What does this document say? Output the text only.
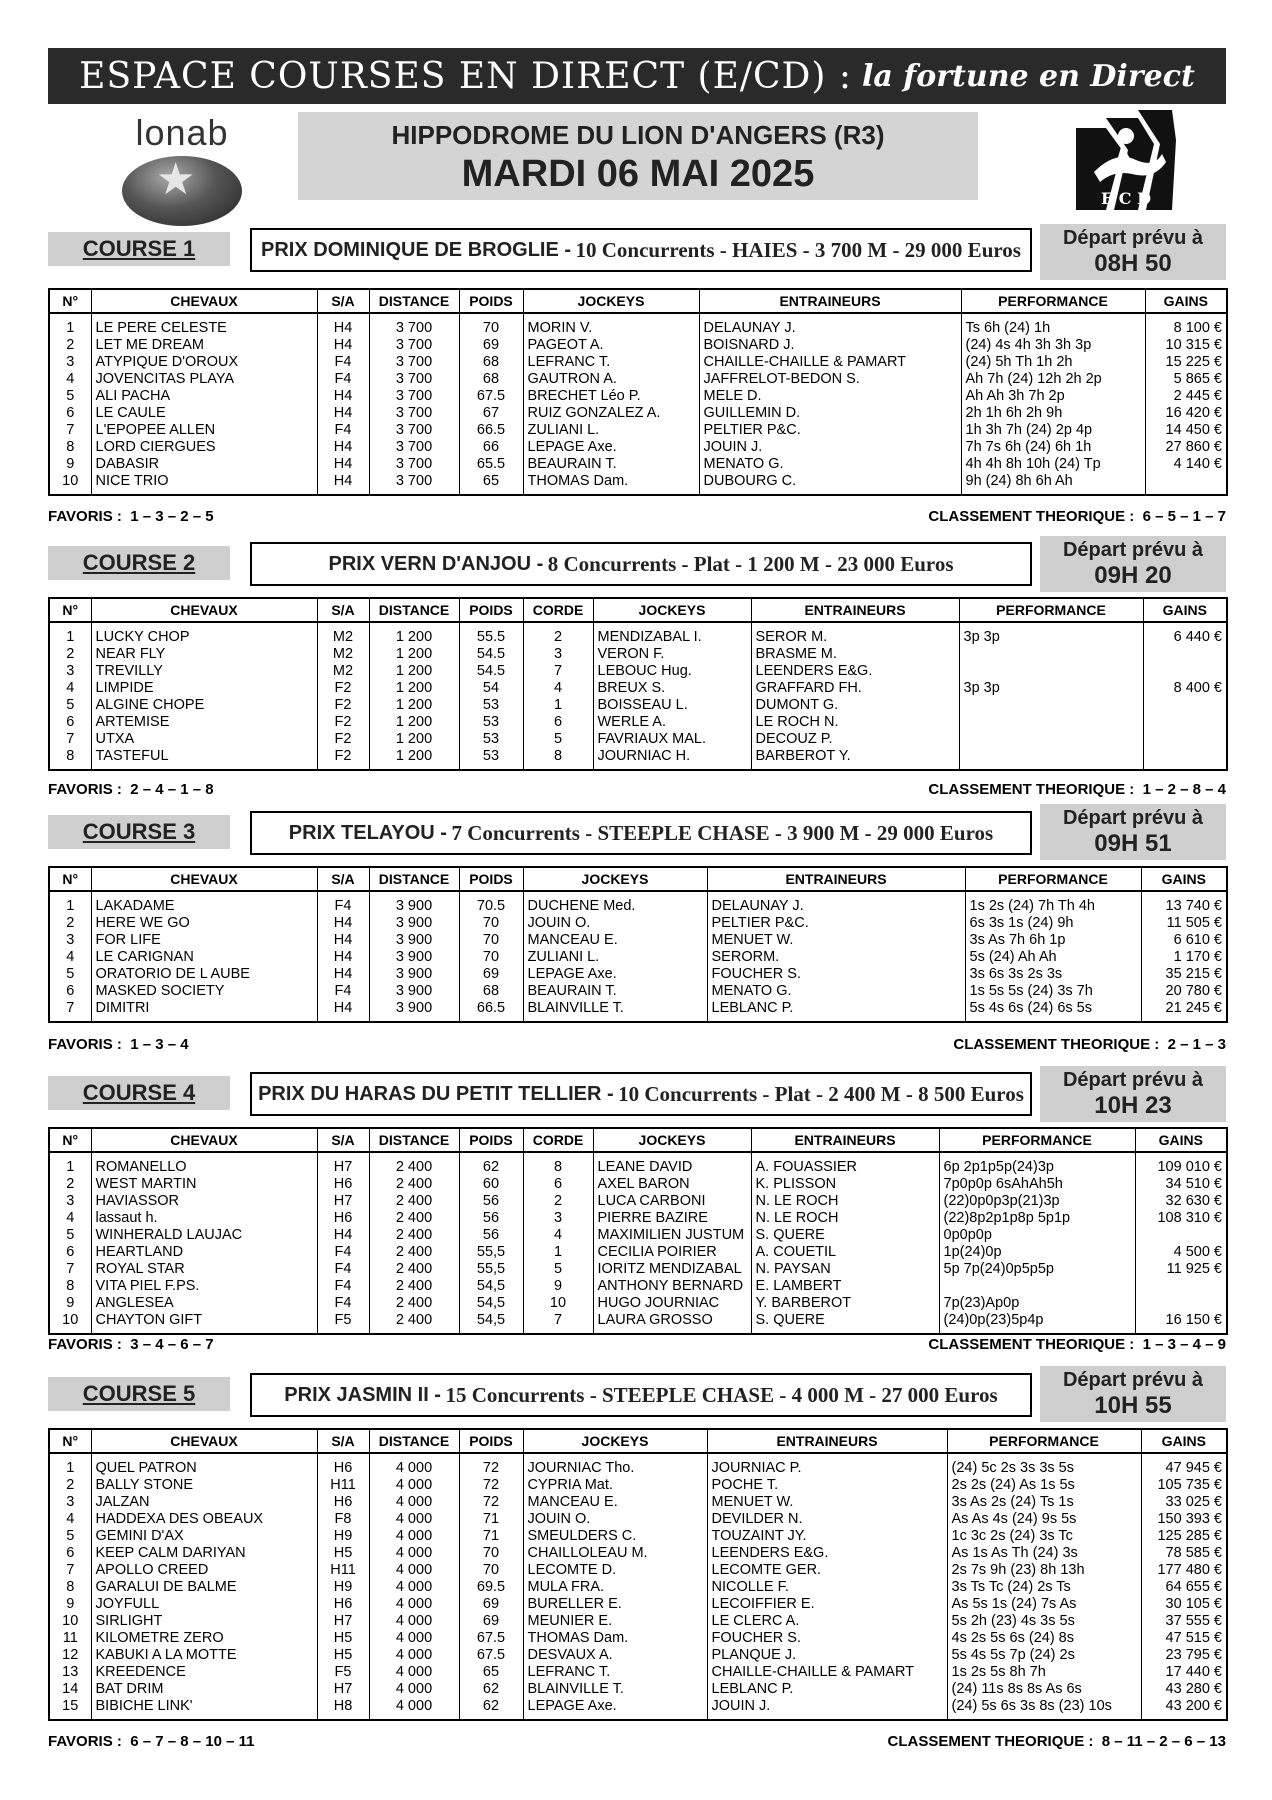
ESPACE COURSES EN DIRECT (E/CD) : la fortune en Direct
★
lonab	HIPPODROME DU LION D'ANGERS (R3)
MARDI 06 MAI 2025
E C D
COURSE 1	PRIX DOMINIQUE DE BROGLIE -
10 Concurrents - HAIES - 3 700 M - 29 000 Euros	Départ prévu à
08H 50
N°	CHEVAUX	S/A	DISTANCE	POIDS	JOCKEYS	ENTRAINEURS	PERFORMANCE	GAINS
1	LE PERE CELESTE	H4	3 700	70	MORIN V.	DELAUNAY J.	Ts 6h (24) 1h	8 100 €
2	LET ME DREAM	H4	3 700	69	PAGEOT A.	BOISNARD J.	(24) 4s 4h 3h 3h 3p	10 315 €
3	ATYPIQUE D'OROUX	F4	3 700	68	LEFRANC T.	CHAILLE-CHAILLE & PAMART	(24) 5h Th 1h 2h	15 225 €
4	JOVENCITAS PLAYA	F4	3 700	68	GAUTRON A.	JAFFRELOT-BEDON S.	Ah 7h (24) 12h 2h 2p	5 865 €
5	ALI PACHA	H4	3 700	67.5	BRECHET Léo P.	MELE D.	Ah Ah 3h 7h 2p	2 445 €
6	LE CAULE	H4	3 700	67	RUIZ GONZALEZ A.	GUILLEMIN D.	2h 1h 6h 2h 9h	16 420 €
7	L'EPOPEE ALLEN	F4	3 700	66.5	ZULIANI L.	PELTIER P&C.	1h 3h 7h (24) 2p 4p	14 450 €
8	LORD CIERGUES	H4	3 700	66	LEPAGE Axe.	JOUIN J.	7h 7s 6h (24) 6h 1h	27 860 €
9	DABASIR	H4	3 700	65.5	BEAURAIN T.	MENATO G.	4h 4h 8h 10h (24) Tp	4 140 €
10	NICE TRIO	H4	3 700	65	THOMAS Dam.	DUBOURG C.	9h (24) 8h 6h Ah	
FAVORIS : 1 – 3 – 2 – 5	CLASSEMENT THEORIQUE : 6 – 5 – 1 – 7
COURSE 2	PRIX VERN D'ANJOU -
8 Concurrents - Plat - 1 200 M - 23 000 Euros
Départ prévu à
09H 20
N°	CHEVAUX	S/A	DISTANCE	POIDS	CORDE	JOCKEYS	ENTRAINEURS	PERFORMANCE	GAINS
1	LUCKY CHOP	M2	1 200	55.5	2	MENDIZABAL I.	SEROR M.	3p 3p	6 440 €
2	NEAR FLY	M2	1 200	54.5	3	VERON F.	BRASME M.		
3	TREVILLY	M2	1 200	54.5	7	LEBOUC Hug.	LEENDERS E&G.		
4	LIMPIDE	F2	1 200	54	4	BREUX S.	GRAFFARD FH.	3p 3p	8 400 €
5	ALGINE CHOPE	F2	1 200	53	1	BOISSEAU L.	DUMONT G.		
6	ARTEMISE	F2	1 200	53	6	WERLE A.	LE ROCH N.		
7	UTXA	F2	1 200	53	5	FAVRIAUX MAL.	DECOUZ P.		
8	TASTEFUL	F2	1 200	53	8	JOURNIAC H.	BARBEROT Y.		
FAVORIS : 2 – 4 – 1 – 8	CLASSEMENT THEORIQUE : 1 – 2 – 8 – 4
COURSE 3	PRIX TELAYOU -
7 Concurrents - STEEPLE CHASE - 3 900 M - 29 000 Euros
Départ prévu à
09H 51
N°	CHEVAUX	S/A	DISTANCE	POIDS	JOCKEYS	ENTRAINEURS	PERFORMANCE	GAINS
1	LAKADAME	F4	3 900	70.5	DUCHENE Med.	DELAUNAY J.	1s 2s (24) 7h Th 4h	13 740 €
2	HERE WE GO	H4	3 900	70	JOUIN O.	PELTIER P&C.	6s 3s 1s (24) 9h	11 505 €
3	FOR LIFE	H4	3 900	70	MANCEAU E.	MENUET W.	3s As 7h 6h 1p	6 610 €
4	LE CARIGNAN	H4	3 900	70	ZULIANI L.	SERORM.	5s (24) Ah Ah	1 170 €
5	ORATORIO DE L AUBE	H4	3 900	69	LEPAGE Axe.	FOUCHER S.	3s 6s 3s 2s 3s	35 215 €
6	MASKED SOCIETY	F4	3 900	68	BEAURAIN T.	MENATO G.	1s 5s 5s (24) 3s 7h	20 780 €
7	DIMITRI	H4	3 900	66.5	BLAINVILLE T.	LEBLANC P.	5s 4s 6s (24) 6s 5s	21 245 €
FAVORIS : 1 – 3 – 4	CLASSEMENT THEORIQUE : 2 – 1 – 3
COURSE 4	PRIX DU HARAS DU PETIT TELLIER -
10 Concurrents - Plat - 2 400 M - 8 500 Euros
Départ prévu à
10H 23
N°	CHEVAUX	S/A	DISTANCE	POIDS	CORDE	JOCKEYS	ENTRAINEURS	PERFORMANCE	GAINS
1	ROMANELLO	H7	2 400	62	8	LEANE DAVID	A. FOUASSIER	6p 2p1p5p(24)3p	109 010 €
2	WEST MARTIN	H6	2 400	60	6	AXEL BARON	K. PLISSON	7p0p0p 6sAhAh5h	34 510 €
3	HAVIASSOR	H7	2 400	56	2	LUCA CARBONI	N. LE ROCH	(22)0p0p3p(21)3p	32 630 €
4	lassaut h.	H6	2 400	56	3	PIERRE BAZIRE	N. LE ROCH	(22)8p2p1p8p 5p1p	108 310 €
5	WINHERALD LAUJAC	H4	2 400	56	4	MAXIMILIEN JUSTUM	S. QUERE	0p0p0p	
6	HEARTLAND	F4	2 400	55,5	1	CECILIA POIRIER	A. COUETIL	1p(24)0p	4 500 €
7	ROYAL STAR	F4	2 400	55,5	5	IORITZ MENDIZABAL	N. PAYSAN	5p 7p(24)0p5p5p	11 925 €
8	VITA PIEL F.PS.	F4	2 400	54,5	9	ANTHONY BERNARD	E. LAMBERT		
9	ANGLESEA	F4	2 400	54,5	10	HUGO JOURNIAC	Y. BARBEROT	7p(23)Ap0p	
10	CHAYTON GIFT	F5	2 400	54,5	7	LAURA GROSSO	S. QUERE	(24)0p(23)5p4p	16 150 €
FAVORIS : 3 – 4 – 6 – 7	CLASSEMENT THEORIQUE : 1 – 3 – 4 – 9
COURSE 5	PRIX JASMIN II -
15 Concurrents - STEEPLE CHASE - 4 000 M - 27 000 Euros
Départ prévu à
10H 55
N°	CHEVAUX	S/A	DISTANCE	POIDS	JOCKEYS	ENTRAINEURS	PERFORMANCE	GAINS
1	QUEL PATRON	H6	4 000	72	JOURNIAC Tho.	JOURNIAC P.	(24) 5c 2s 3s 3s 5s	47 945 €
2	BALLY STONE	H11	4 000	72	CYPRIA Mat.	POCHE T.	2s 2s (24) As 1s 5s	105 735 €
3	JALZAN	H6	4 000	72	MANCEAU E.	MENUET W.	3s As 2s (24) Ts 1s	33 025 €
4	HADDEXA DES OBEAUX	F8	4 000	71	JOUIN O.	DEVILDER N.	As As 4s (24) 9s 5s	150 393 €
5	GEMINI D'AX	H9	4 000	71	SMEULDERS C.	TOUZAINT JY.	1c 3c 2s (24) 3s Tc	125 285 €
6	KEEP CALM DARIYAN	H5	4 000	70	CHAILLOLEAU M.	LEENDERS E&G.	As 1s As Th (24) 3s	78 585 €
7	APOLLO CREED	H11	4 000	70	LECOMTE D.	LECOMTE GER.	2s 7s 9h (23) 8h 13h	177 480 €
8	GARALUI DE BALME	H9	4 000	69.5	MULA FRA.	NICOLLE F.	3s Ts Tc (24) 2s Ts	64 655 €
9	JOYFULL	H6	4 000	69	BURELLER E.	LECOIFFIER E.	As 5s 1s (24) 7s As	30 105 €
10	SIRLIGHT	H7	4 000	69	MEUNIER E.	LE CLERC A.	5s 2h (23) 4s 3s 5s	37 555 €
11	KILOMETRE ZERO	H5	4 000	67.5	THOMAS Dam.	FOUCHER S.	4s 2s 5s 6s (24) 8s	47 515 €
12	KABUKI A LA MOTTE	H5	4 000	67.5	DESVAUX A.	PLANQUE J.	5s 4s 5s 7p (24) 2s	23 795 €
13	KREEDENCE	F5	4 000	65	LEFRANC T.	CHAILLE-CHAILLE & PAMART	1s 2s 5s 8h 7h	17 440 €
14	BAT DRIM	H7	4 000	62	BLAINVILLE T.	LEBLANC P.	(24) 11s 8s 8s As 6s	43 280 €
15	BIBICHE LINK'	H8	4 000	62	LEPAGE Axe.	JOUIN J.	(24) 5s 6s 3s 8s (23) 10s	43 200 €
FAVORIS : 6 – 7 – 8 – 10 – 11	CLASSEMENT THEORIQUE : 8 – 11 – 2 – 6 – 13
